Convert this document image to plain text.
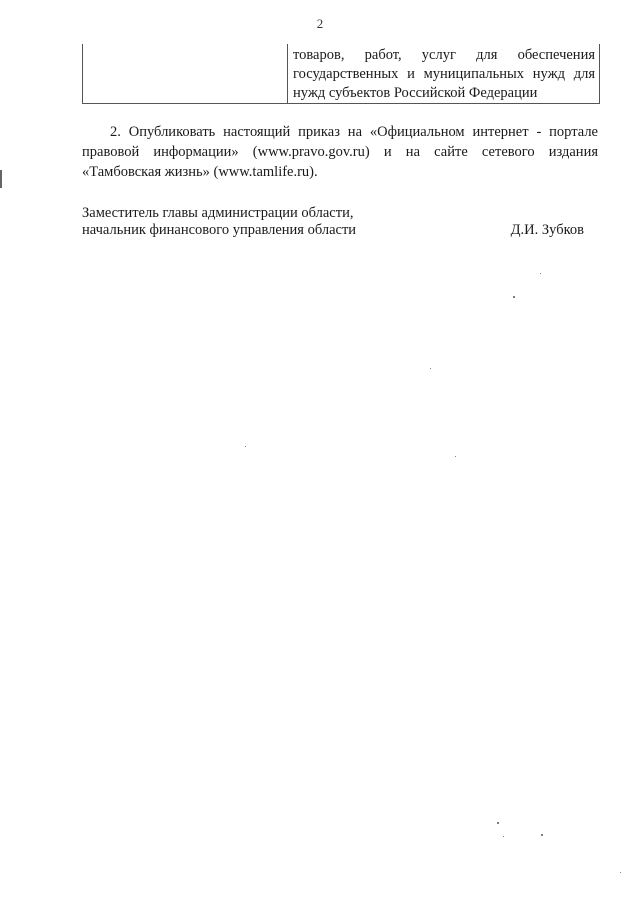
2
товаров, работ, услуг для обеспечения
государственных и муниципальных нужд для
нужд субъектов Российской Федерации
2. Опубликовать настоящий приказ на «Официальном интернет - портале
правовой информации» (www.pravo.gov.ru) и на сайте сетевого издания
«Тамбовская жизнь» (www.tamlife.ru).
Заместитель главы администрации области,
начальник финансового управления области	Д.И. Зубков
